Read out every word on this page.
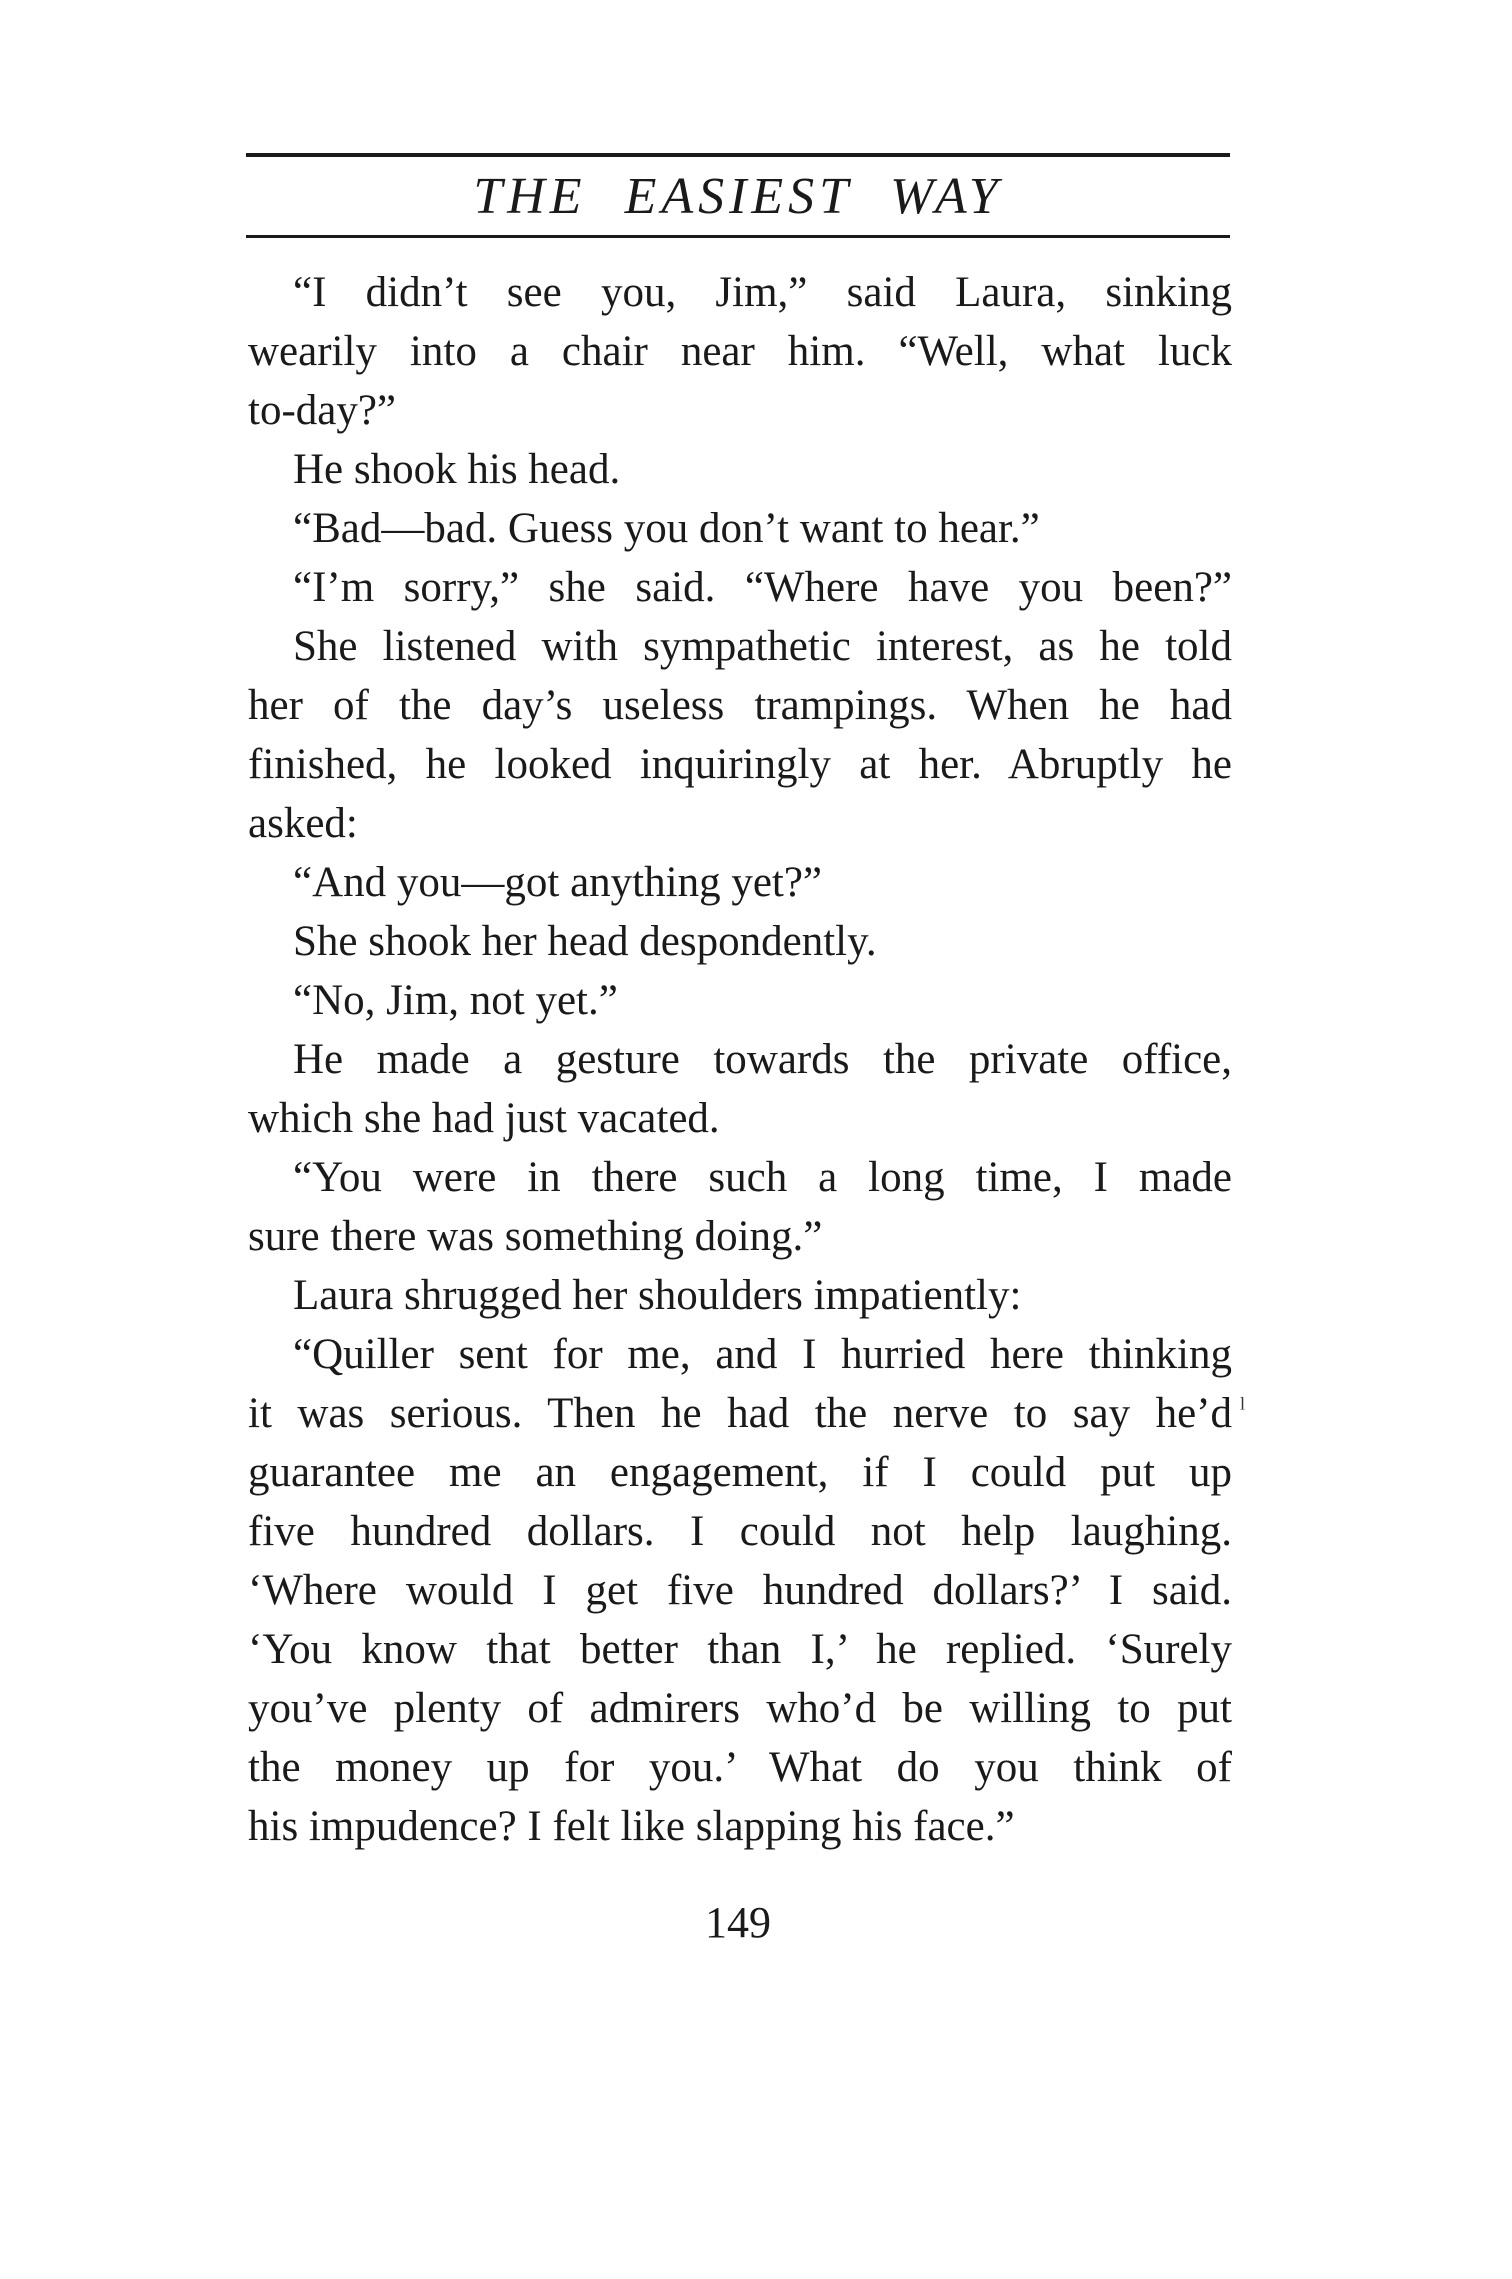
THE EASIEST WAY
“I didn’t see you, Jim,” said Laura, sinking
wearily into a chair near him. “Well, what luck
to-day?”
He shook his head.
“Bad—bad. Guess you don’t want to hear.”
“I’m sorry,” she said. “Where have you been?”
She listened with sympathetic interest, as he told
her of the day’s useless trampings. When he had
finished, he looked inquiringly at her. Abruptly he
asked:
“And you—got anything yet?”
She shook her head despondently.
“No, Jim, not yet.”
He made a gesture towards the private office,
which she had just vacated.
“You were in there such a long time, I made
sure there was something doing.”
Laura shrugged her shoulders impatiently:
“Quiller sent for me, and I hurried here thinking
it was serious. Then he had the nerve to say he’d
guarantee me an engagement, if I could put up
five hundred dollars. I could not help laughing.
‘Where would I get five hundred dollars?’ I said.
‘You know that better than I,’ he replied. ‘Surely
you’ve plenty of admirers who’d be willing to put
the money up for you.’ What do you think of
his impudence? I felt like slapping his face.”
ˡ
149
